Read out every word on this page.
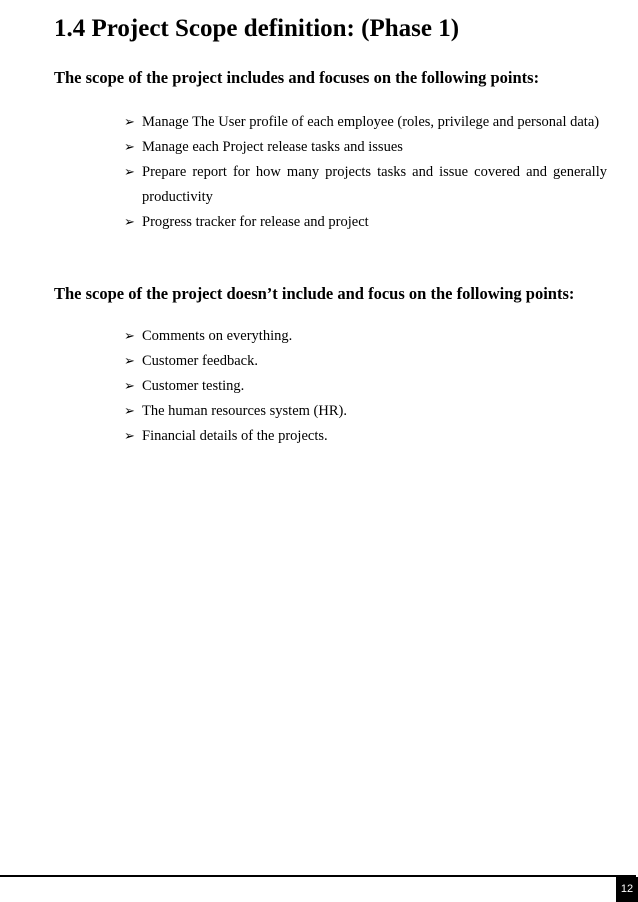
1.4 Project Scope definition: (Phase 1)
The scope of the project includes and focuses on the following points:
➢ Manage The User profile of each employee (roles, privilege and personal data)
➢ Manage each Project release tasks and issues
➢ Prepare report for how many projects tasks and issue covered and generally productivity
➢ Progress tracker for release and project
The scope of the project doesn’t include and focus on the following points:
➢ Comments on everything.
➢ Customer feedback.
➢ Customer testing.
➢ The human resources system (HR).
➢ Financial details of the projects.
12
